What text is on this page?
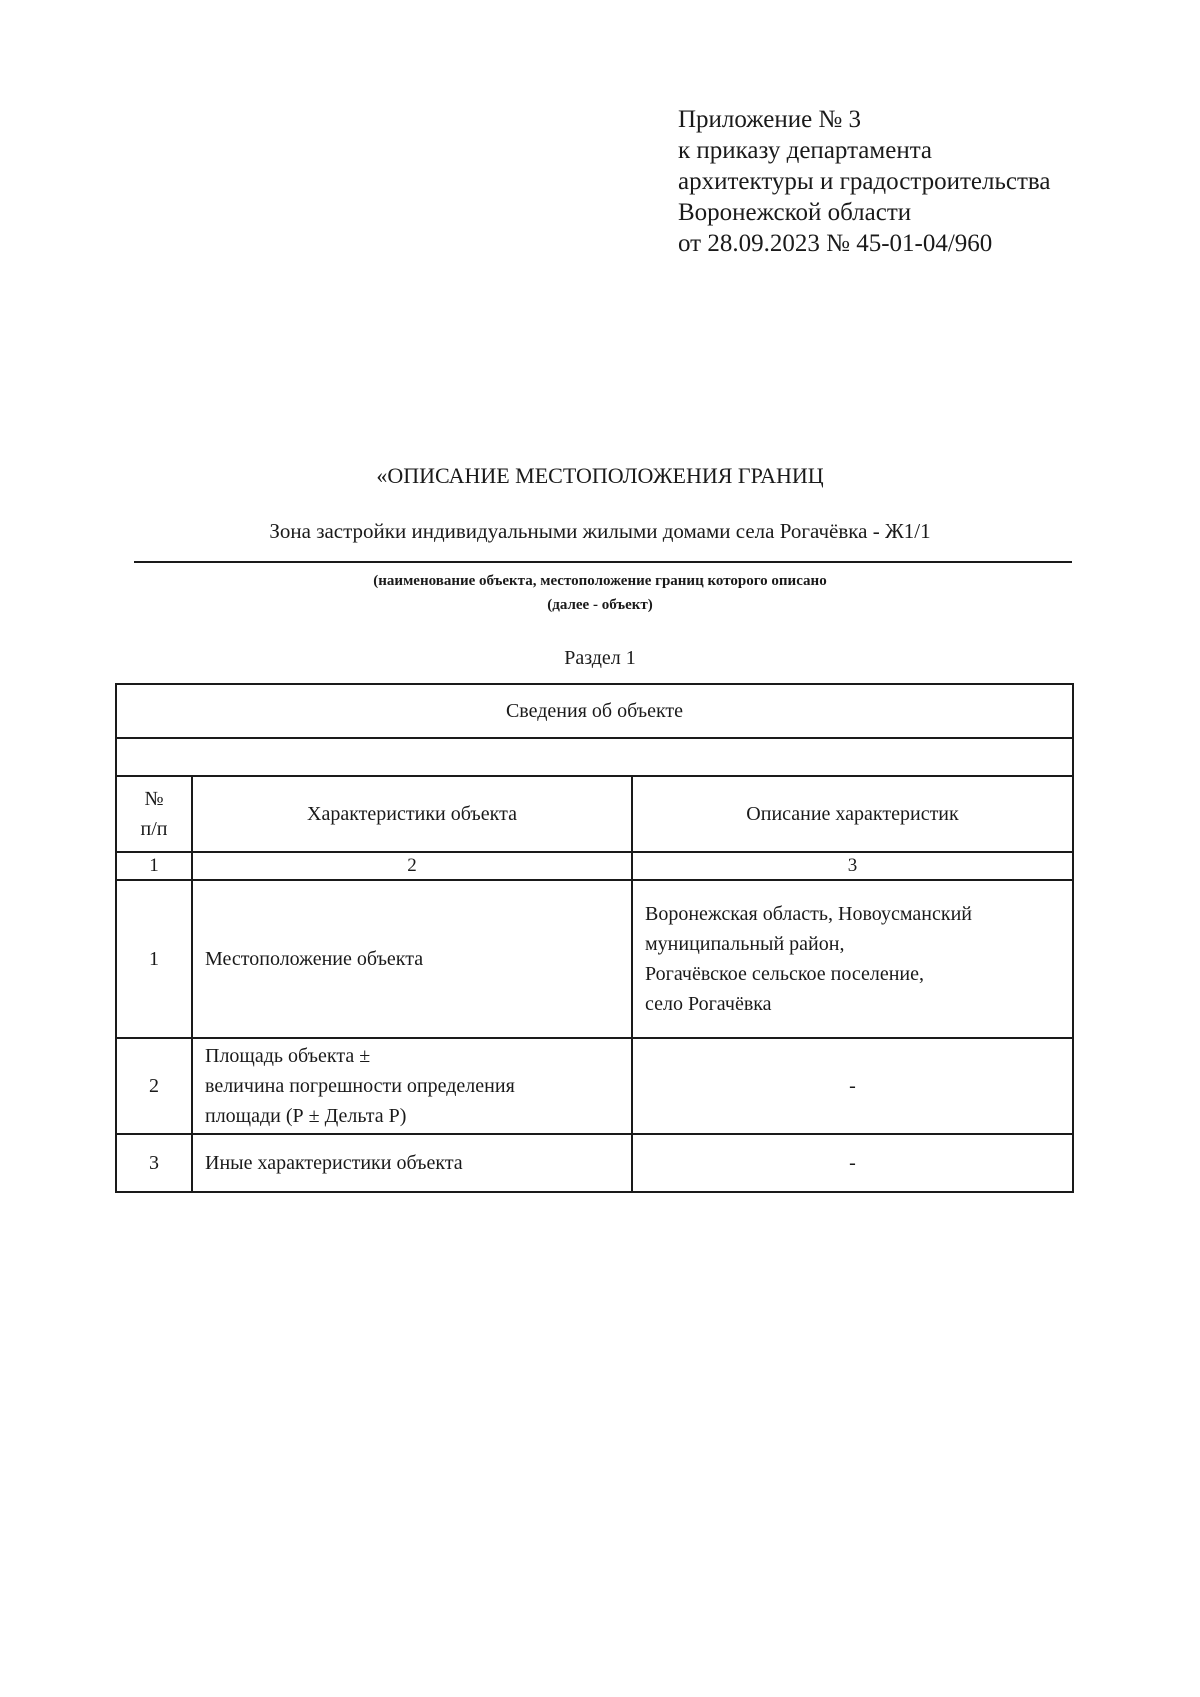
Приложение № 3
к приказу департамента
архитектуры и градостроительства
Воронежской области
от 28.09.2023 № 45-01-04/960
«ОПИСАНИЕ МЕСТОПОЛОЖЕНИЯ ГРАНИЦ
Зона застройки индивидуальными жилыми домами села Рогачёвка - Ж1/1
(наименование объекта, местоположение границ которого описано
(далее - объект)
Раздел 1
Сведения об объекте		

№
п/п	Характеристики объекта	Описание характеристик
1	2	3
1	Местоположение объекта	Воронежская область, Новоусманский
муниципальный район,
Рогачёвское сельское поселение,
село Рогачёвка

2	Площадь объекта ±
величина погрешности определения
площади (Р ± Дельта Р)	-
3	Иные характеристики объекта	-
